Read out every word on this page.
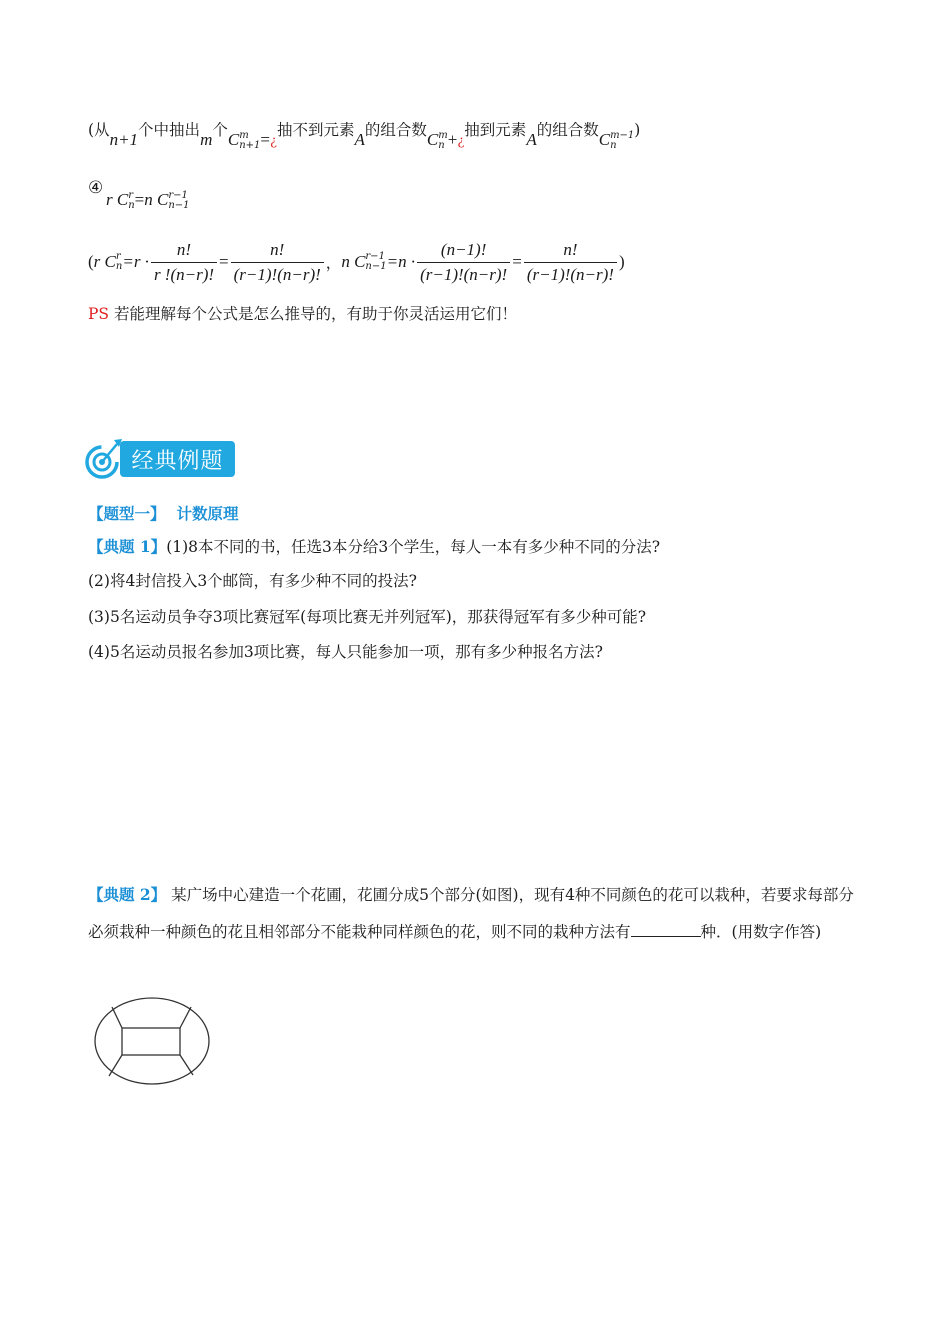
(从n+1个中抽出m个C m
$n+1 =_¿$抽不到元素A的组合数C m
$n +_¿$抽到元素A的组合数C m−1
n
)
④
r C r
n =n C r−1
n−1
(r C r
$n =r \cdot \frac{n!}{r !(n-r)!} = \frac{n!}{(r-1)!(n-r)!}$ ，n C r−1
$n-1 =n \cdot \frac{(n-1)!}{(r-1)!(n-r)!} = \frac{n!}{(r-1)!(n-r)!}$ )
PS 若能理解每个公式是怎么推导的，有助于你灵活运用它们！
经典例题
【题型一】 计数原理
【典题 1】(1)8本不同的书，任选3本分给3个学生，每人一本有多少种不同的分法?
(2)将4封信投入3个邮筒，有多少种不同的投法?
(3)5名运动员争夺3项比赛冠军(每项比赛无并列冠军)，那获得冠军有多少种可能?
(4)5名运动员报名参加3项比赛，每人只能参加一项，那有多少种报名方法?
【典题 2】 某广场中心建造一个花圃，花圃分成5个部分(如图)，现有4种不同颜色的花可以栽种，若要求每部分必须栽种一种颜色的花且相邻部分不能栽种同样颜色的花，则不同的栽种方法有	种．(用数字作答)
